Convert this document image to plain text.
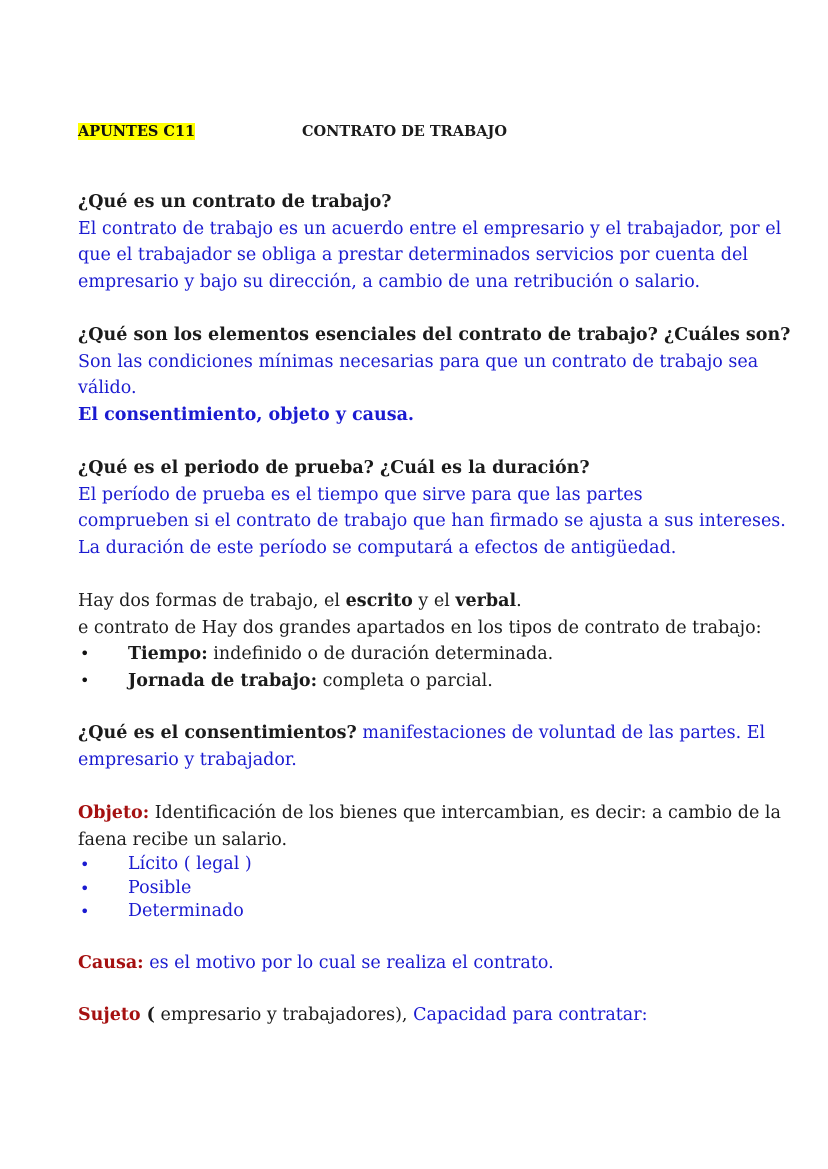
APUNTES C11	CONTRATO DE TRABAJO
¿Qué es un contrato de trabajo?
El contrato de trabajo es un acuerdo entre el empresario y el trabajador, por el
que el trabajador se obliga a prestar determinados servicios por cuenta del
empresario y bajo su dirección, a cambio de una retribución o salario.
¿Qué son los elementos esenciales del contrato de trabajo? ¿Cuáles son?
Son las condiciones mínimas necesarias para que un contrato de trabajo sea
válido.
El consentimiento, objeto y causa.
¿Qué es el periodo de prueba? ¿Cuál es la duración?
El período de prueba es el tiempo que sirve para que las partes
comprueben si el contrato de trabajo que han firmado se ajusta a sus intereses.
La duración de este período se computará a efectos de antigüedad.
Hay dos formas de trabajo, el escrito y el verbal.
e contrato de Hay dos grandes apartados en los tipos de contrato de trabajo:
• Tiempo: indefinido o de duración determinada.
• Jornada de trabajo: completa o parcial.
¿Qué es el consentimientos? manifestaciones de voluntad de las partes. El
empresario y trabajador.
Objeto: Identificación de los bienes que intercambian, es decir: a cambio de la
faena recibe un salario.
• Lícito ( legal )
• Posible
• Determinado
Causa: es el motivo por lo cual se realiza el contrato.
Sujeto ( empresario y trabajadores), Capacidad para contratar:
